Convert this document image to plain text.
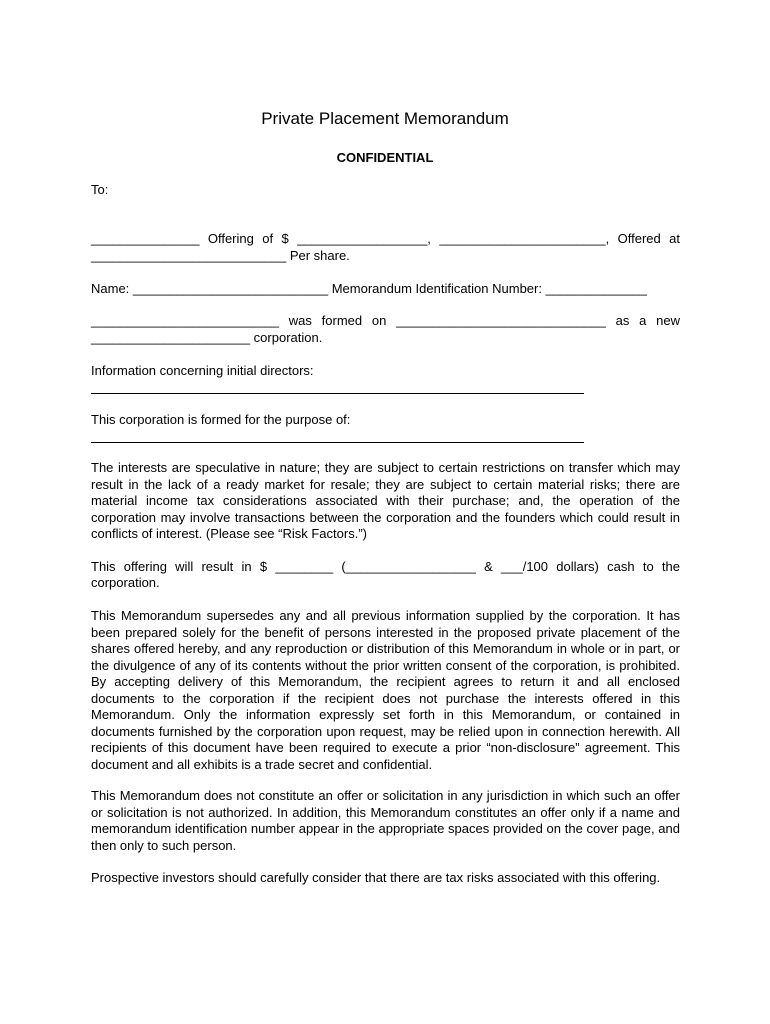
Private Placement Memorandum
CONFIDENTIAL
To:
_______________ Offering of $ __________________, _______________________, Offered at
___________________________ Per share.
Name: ___________________________ Memorandum Identification Number: ______________
__________________________ was formed on _____________________________ as a new
______________________ corporation.
Information concerning initial directors:
This corporation is formed for the purpose of:
The interests are speculative in nature; they are subject to certain restrictions on transfer which may result in the lack of a ready market for resale; they are subject to certain material risks; there are material income tax considerations associated with their purchase; and, the operation of the corporation may involve transactions between the corporation and the founders which could result in conflicts of interest. (Please see “Risk Factors.”)
This offering will result in $ ________ (__________________ & ___/100 dollars) cash to the
corporation.
This Memorandum supersedes any and all previous information supplied by the corporation. It has been prepared solely for the benefit of persons interested in the proposed private placement of the shares offered hereby, and any reproduction or distribution of this Memorandum in whole or in part, or the divulgence of any of its contents without the prior written consent of the corporation, is prohibited. By accepting delivery of this Memorandum, the recipient agrees to return it and all enclosed documents to the corporation if the recipient does not purchase the interests offered in this Memorandum. Only the information expressly set forth in this Memorandum, or contained in documents furnished by the corporation upon request, may be relied upon in connection herewith. All recipients of this document have been required to execute a prior “non-disclosure” agreement. This document and all exhibits is a trade secret and confidential.
This Memorandum does not constitute an offer or solicitation in any jurisdiction in which such an offer or solicitation is not authorized. In addition, this Memorandum constitutes an offer only if a name and memorandum identification number appear in the appropriate spaces provided on the cover page, and then only to such person.
Prospective investors should carefully consider that there are tax risks associated with this offering.
